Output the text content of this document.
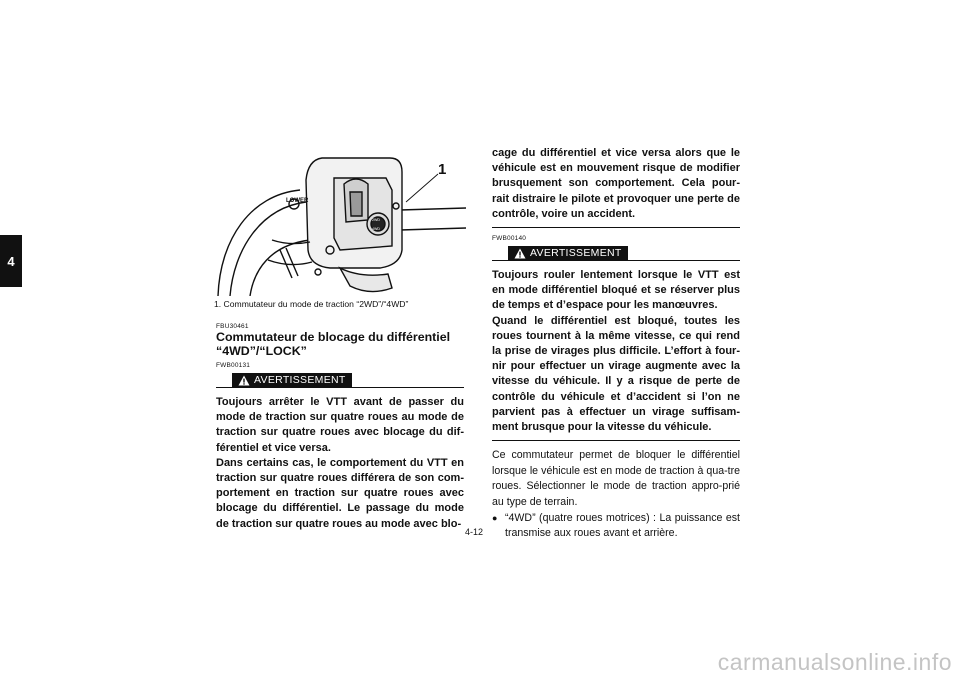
4
1
LOWER
2WD
4WD
1. Commutateur du mode de traction “2WD”/“4WD”
FBU30461
Commutateur de blocage du différentiel “4WD”/“LOCK”
FWB00131
AVERTISSEMENT

Toujours arrêter le VTT avant de passer du mode de traction sur quatre roues au mode de traction sur quatre roues avec blocage du dif-férentiel et vice versa.

Dans certains cas, le comportement du VTT en traction sur quatre roues différera de son com-portement en traction sur quatre roues avec blocage du différentiel. Le passage du mode de traction sur quatre roues au mode avec blo-

cage du différentiel et vice versa alors que le véhicule est en mouvement risque de modifier brusquement son comportement. Cela pour-rait distraire le pilote et provoquer une perte de contrôle, voire un accident.

FWB00140
AVERTISSEMENT

Toujours rouler lentement lorsque le VTT est en mode différentiel bloqué et se réserver plus de temps et d’espace pour les manœuvres.

Quand le différentiel est bloqué, toutes les roues tournent à la même vitesse, ce qui rend la prise de virages plus difficile. L’effort à four-nir pour effectuer un virage augmente avec la vitesse du véhicule. Il y a risque de perte de contrôle du véhicule et d’accident si l’on ne parvient pas à effectuer un virage suffisam-ment brusque pour la vitesse du véhicule.

Ce commutateur permet de bloquer le différentiel lorsque le véhicule est en mode de traction à qua-tre roues. Sélectionner le mode de traction appro-prié au type de terrain.

● “4WD” (quatre roues motrices) : La puissance est transmise aux roues avant et arrière.
4-12
carmanualsonline.info
